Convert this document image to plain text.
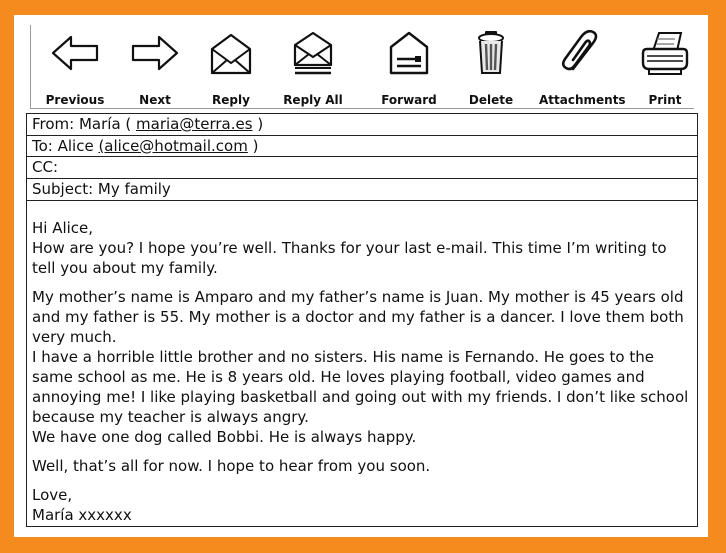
Previous	Next	Reply	Reply All	Forward	Delete	Attachments	Print
From: María ( maria@terra.es )
To: Alice (alice@hotmail.com )
CC:
Subject: My family

Hi Alice,

How are you? I hope you’re well. Thanks for your last e-mail. This time I’m writing to tell you about my family.

My mother’s name is Amparo and my father’s name is Juan. My mother is 45 years old and my father is 55. My mother is a doctor and my father is a dancer. I love them both very much.

I have a horrible little brother and no sisters. His name is Fernando. He goes to the same school as me. He is 8 years old. He loves playing football, video games and annoying me! I like playing basketball and going out with my friends. I don’t like school because my teacher is always angry.

We have one dog called Bobbi. He is always happy.

Well, that’s all for now. I hope to hear from you soon.

Love,

María xxxxxx
